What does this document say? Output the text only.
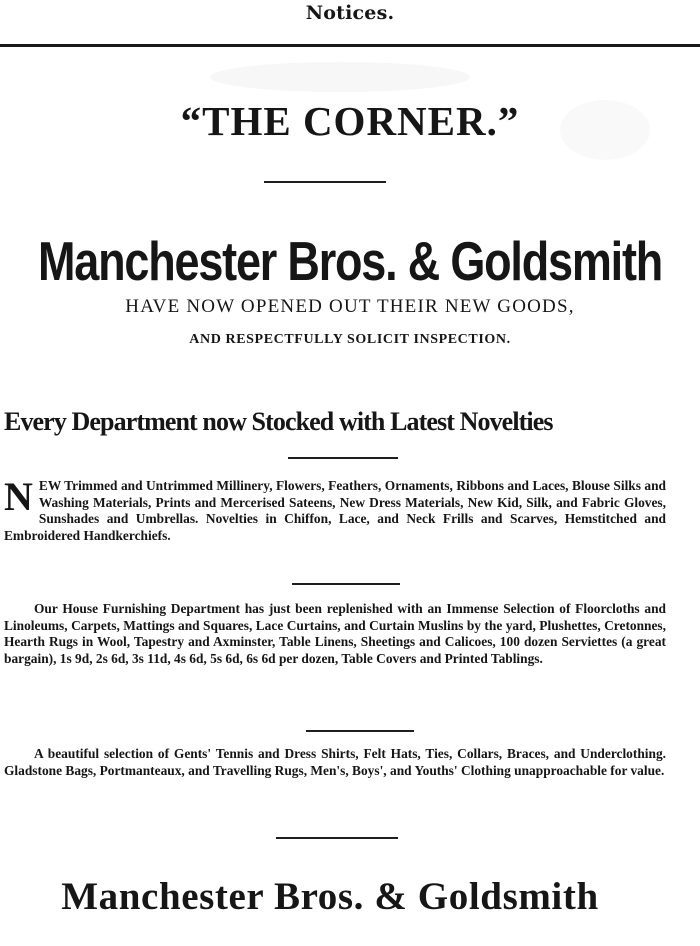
Notices.
“THE CORNER.”
Manchester Bros. & Goldsmith
HAVE NOW OPENED OUT THEIR NEW GOODS,
AND RESPECTFULLY SOLICIT INSPECTION.
Every Department now Stocked with Latest Novelties
NEW Trimmed and Untrimmed Millinery, Flowers, Feathers, Ornaments, Ribbons and Laces, Blouse Silks and Washing Materials, Prints and Mercerised Sateens, New Dress Materials, New Kid, Silk, and Fabric Gloves, Sunshades and Umbrellas. Novelties in Chiffon, Lace, and Neck Frills and Scarves, Hemstitched and Embroidered Handkerchiefs.
Our House Furnishing Department has just been replenished with an Immense Selection of Floorcloths and Linoleums, Carpets, Mattings and Squares, Lace Curtains, and Curtain Muslins by the yard, Plushettes, Cretonnes, Hearth Rugs in Wool, Tapestry and Axminster, Table Linens, Sheetings and Calicoes, 100 dozen Serviettes (a great bargain), 1s 9d, 2s 6d, 3s 11d, 4s 6d, 5s 6d, 6s 6d per dozen, Table Covers and Printed Tablings.
A beautiful selection of Gents' Tennis and Dress Shirts, Felt Hats, Ties, Collars, Braces, and Underclothing. Gladstone Bags, Portmanteaux, and Travelling Rugs, Men's, Boys', and Youths' Clothing unapproachable for value.
Manchester Bros. & Goldsmith
